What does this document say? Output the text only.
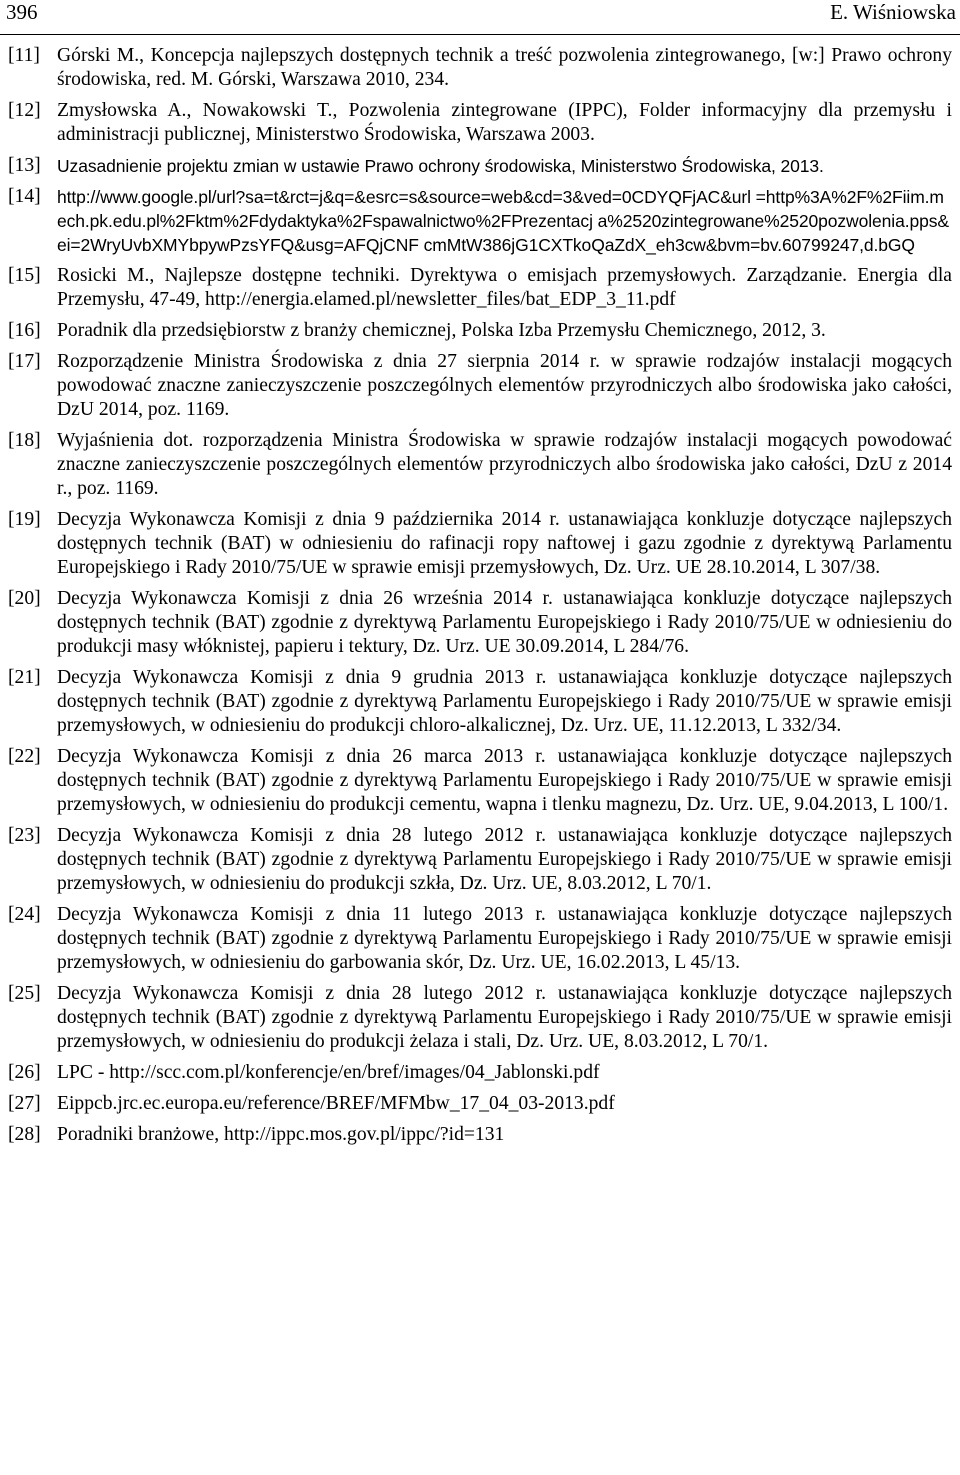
396	E. Wiśniowska
[11] Górski M., Koncepcja najlepszych dostępnych technik a treść pozwolenia zintegrowanego, [w:] Prawo ochrony środowiska, red. M. Górski, Warszawa 2010, 234.
[12] Zmysłowska A., Nowakowski T., Pozwolenia zintegrowane (IPPC), Folder informacyjny dla przemysłu i administracji publicznej, Ministerstwo Środowiska, Warszawa 2003.
[13] Uzasadnienie projektu zmian w ustawie Prawo ochrony środowiska, Ministerstwo Środowiska, 2013.
[14] http://www.google.pl/url?sa=t&rct=j&q=&esrc=s&source=web&cd=3&ved=0CDYQFjAC&url =http%3A%2F%2Fiim.mech.pk.edu.pl%2Fktm%2Fdydaktyka%2Fspawalnictwo%2FPrezentacj a%2520zintegrowane%2520pozwolenia.pps&ei=2WryUvbXMYbpywPzsYFQ&usg=AFQjCNF cmMtW386jG1CXTkoQaZdX_eh3cw&bvm=bv.60799247,d.bGQ
[15] Rosicki M., Najlepsze dostępne techniki. Dyrektywa o emisjach przemysłowych. Zarządzanie. Energia dla Przemysłu, 47-49, http://energia.elamed.pl/newsletter_files/bat_EDP_3_11.pdf
[16] Poradnik dla przedsiębiorstw z branży chemicznej, Polska Izba Przemysłu Chemicznego, 2012, 3.
[17] Rozporządzenie Ministra Środowiska z dnia 27 sierpnia 2014 r. w sprawie rodzajów instalacji mogących powodować znaczne zanieczyszczenie poszczególnych elementów przyrodniczych albo środowiska jako całości, DzU 2014, poz. 1169.
[18] Wyjaśnienia dot. rozporządzenia Ministra Środowiska w sprawie rodzajów instalacji mogących powodować znaczne zanieczyszczenie poszczególnych elementów przyrodniczych albo środowiska jako całości, DzU z 2014 r., poz. 1169.
[19] Decyzja Wykonawcza Komisji z dnia 9 października 2014 r. ustanawiająca konkluzje dotyczące najlepszych dostępnych technik (BAT) w odniesieniu do rafinacji ropy naftowej i gazu zgodnie z dyrektywą Parlamentu Europejskiego i Rady 2010/75/UE w sprawie emisji przemysłowych, Dz. Urz. UE 28.10.2014, L 307/38.
[20] Decyzja Wykonawcza Komisji z dnia 26 września 2014 r. ustanawiająca konkluzje dotyczące najlepszych dostępnych technik (BAT) zgodnie z dyrektywą Parlamentu Europejskiego i Rady 2010/75/UE w odniesieniu do produkcji masy włóknistej, papieru i tektury, Dz. Urz. UE 30.09.2014, L 284/76.
[21] Decyzja Wykonawcza Komisji z dnia 9 grudnia 2013 r. ustanawiająca konkluzje dotyczące najlepszych dostępnych technik (BAT) zgodnie z dyrektywą Parlamentu Europejskiego i Rady 2010/75/UE w sprawie emisji przemysłowych, w odniesieniu do produkcji chloro-alkalicznej, Dz. Urz. UE, 11.12.2013, L 332/34.
[22] Decyzja Wykonawcza Komisji z dnia 26 marca 2013 r. ustanawiająca konkluzje dotyczące najlepszych dostępnych technik (BAT) zgodnie z dyrektywą Parlamentu Europejskiego i Rady 2010/75/UE w sprawie emisji przemysłowych, w odniesieniu do produkcji cementu, wapna i tlenku magnezu, Dz. Urz. UE, 9.04.2013, L 100/1.
[23] Decyzja Wykonawcza Komisji z dnia 28 lutego 2012 r. ustanawiająca konkluzje dotyczące najlepszych dostępnych technik (BAT) zgodnie z dyrektywą Parlamentu Europejskiego i Rady 2010/75/UE w sprawie emisji przemysłowych, w odniesieniu do produkcji szkła, Dz. Urz. UE, 8.03.2012, L 70/1.
[24] Decyzja Wykonawcza Komisji z dnia 11 lutego 2013 r. ustanawiająca konkluzje dotyczące najlepszych dostępnych technik (BAT) zgodnie z dyrektywą Parlamentu Europejskiego i Rady 2010/75/UE w sprawie emisji przemysłowych, w odniesieniu do garbowania skór, Dz. Urz. UE, 16.02.2013, L 45/13.
[25] Decyzja Wykonawcza Komisji z dnia 28 lutego 2012 r. ustanawiająca konkluzje dotyczące najlepszych dostępnych technik (BAT) zgodnie z dyrektywą Parlamentu Europejskiego i Rady 2010/75/UE w sprawie emisji przemysłowych, w odniesieniu do produkcji żelaza i stali, Dz. Urz. UE, 8.03.2012, L 70/1.
[26] LPC - http://scc.com.pl/konferencje/en/bref/images/04_Jablonski.pdf
[27] Eippcb.jrc.ec.europa.eu/reference/BREF/MFMbw_17_04_03-2013.pdf
[28] Poradniki branżowe, http://ippc.mos.gov.pl/ippc/?id=131
